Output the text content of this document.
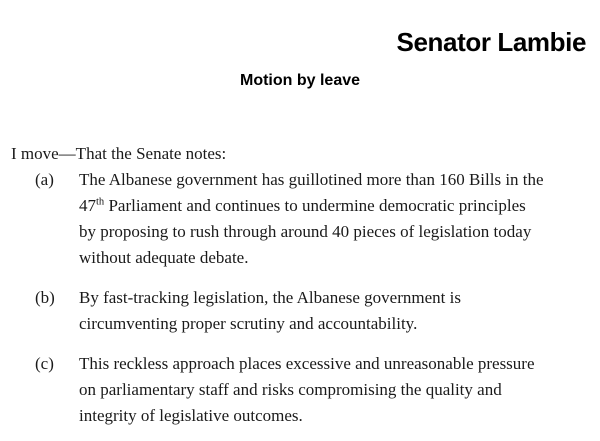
Senator Lambie
Motion by leave

I move—That the Senate notes:

(a)	The Albanese government has guillotined more than 160 Bills in the
47th Parliament and continues to undermine democratic principles
by proposing to rush through around 40 pieces of legislation today
without adequate debate.
(b)	By fast-tracking legislation, the Albanese government is
circumventing proper scrutiny and accountability.
(c)	This reckless approach places excessive and unreasonable pressure
on parliamentary staff and risks compromising the quality and
integrity of legislative outcomes.
